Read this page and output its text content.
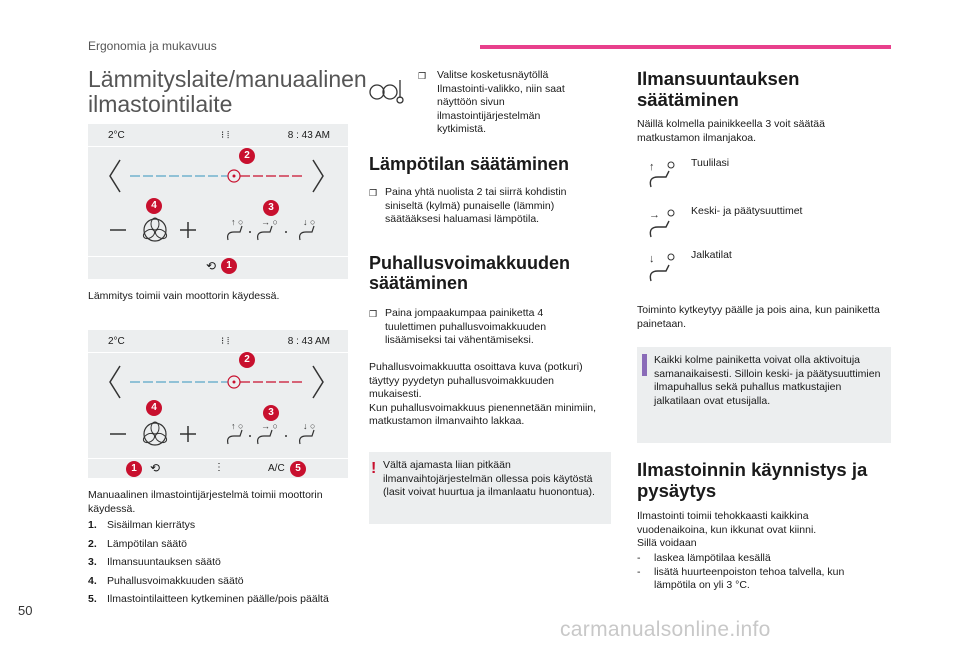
Ergonomia ja mukavuus
50
carmanualsonline.info
Lämmityslaite/manuaalinen ilmastointilaite
2°C	⁝ ⦙	8 : 43 AM
↑ ○ → ○	↓ ○
⟲
2
4	3
1
Lämmitys toimii vain moottorin käydessä.
2°C	⁝ ⦙	8 : 43 AM
↑ ○ → ○	↓ ○
⟲	⋮	A/C
2
4	3
1	5
Manuaalinen ilmastointijärjestelmä toimii moottorin käydessä.
1. Sisäilman kierrätys
2. Lämpötilan säätö
3. Ilmansuuntauksen säätö
4. Puhallusvoimakkuuden säätö
5. Ilmastointilaitteen kytkeminen päälle/pois päältä
❒ Valitse kosketusnäytöllä Ilmastointi-valikko, niin saat näyttöön sivun ilmastointijärjestelmän kytkimistä.
Lämpötilan säätäminen
❒ Paina yhtä nuolista 2 tai siirrä kohdistin siniseltä (kylmä) punaiselle (lämmin) säätääksesi haluamasi lämpötila.
Puhallusvoimakkuuden säätäminen
❒ Paina jompaakumpaa painiketta 4 tuulettimen puhallusvoimakkuuden lisäämiseksi tai vähentämiseksi.
Puhallusvoimakkuutta osoittava kuva (potkuri) täyttyy pyydetyn puhallusvoimakkuuden mukaisesti.
Kun puhallusvoimakkuus pienennetään minimiin, matkustamon ilmanvaihto lakkaa.
! Vältä ajamasta liian pitkään ilmanvaihtojärjestelmän ollessa pois käytöstä (lasit voivat huurtua ja ilmanlaatu huonontua).
Ilmansuuntauksen säätäminen
Näillä kolmella painikkeella 3 voit säätää matkustamon ilmanjakoa.
↑	Tuulilasi
→	Keski- ja päätysuuttimet
↓	Jalkatilat
Toiminto kytkeytyy päälle ja pois aina, kun painiketta painetaan.
Kaikki kolme painiketta voivat olla aktivoituja samanaikaisesti. Silloin keski- ja päätysuuttimien ilmapuhallus sekä puhallus matkustajien jalkatilaan ovat etusijalla.
Ilmastoinnin käynnistys ja pysäytys
Ilmastointi toimii tehokkaasti kaikkina vuodenaikoina, kun ikkunat ovat kiinni.
Sillä voidaan
-	laskea lämpötilaa kesällä
-	lisätä huurteenpoiston tehoa talvella, kun lämpötila on yli 3 °C.
